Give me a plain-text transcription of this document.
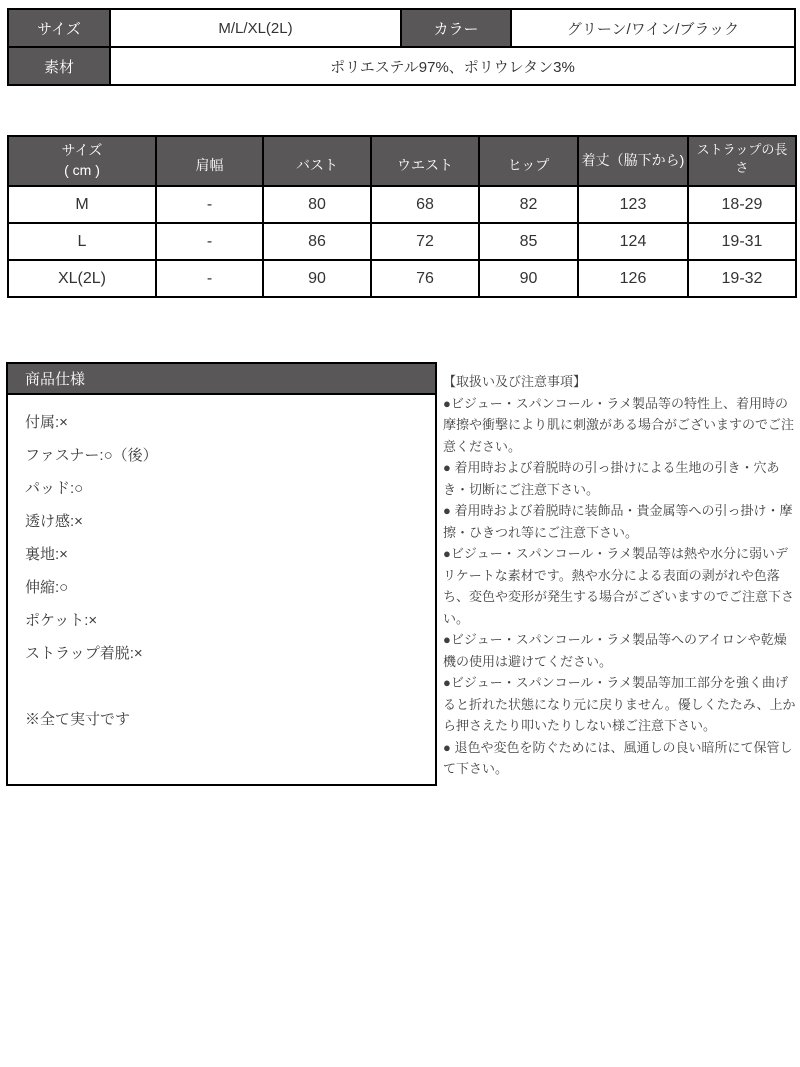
サイズ	M/L/XL(2L)	カラー	グリーン/ワイン/ブラック
素材	ポリエステル97%、ポリウレタン3%		
サイズ
( cm )	肩幅	バスト	ウエスト	ヒップ	着丈（脇下から)	ストラップの長さ
M	-	80	68	82	123	18-29
L	-	86	72	85	124	19-31
XL(2L)	-	90	76	90	126	19-32
商品仕様
付属:×
ファスナー:○（後）
パッド:○
透け感:×
裏地:×
伸縮:○
ポケット:×
ストラップ着脱:×
※全て実寸です

【取扱い及び注意事項】

●ビジュー・スパンコール・ラメ製品等の特性上、着用時の摩擦や衝撃により肌に刺激がある場合がございますのでご注意ください。

● 着用時および着脱時の引っ掛けによる生地の引き・穴あき・切断にご注意下さい。

● 着用時および着脱時に装飾品・貴金属等への引っ掛け・摩擦・ひきつれ等にご注意下さい。

●ビジュー・スパンコール・ラメ製品等は熱や水分に弱いデリケートな素材です。熱や水分による表面の剥がれや色落ち、変色や変形が発生する場合がございますのでご注意下さい。

●ビジュー・スパンコール・ラメ製品等へのアイロンや乾燥機の使用は避けてください。

●ビジュー・スパンコール・ラメ製品等加工部分を強く曲げると折れた状態になり元に戻りません。優しくたたみ、上から押さえたり叩いたりしない様ご注意下さい。

● 退色や変色を防ぐためには、風通しの良い暗所にて保管して下さい。
